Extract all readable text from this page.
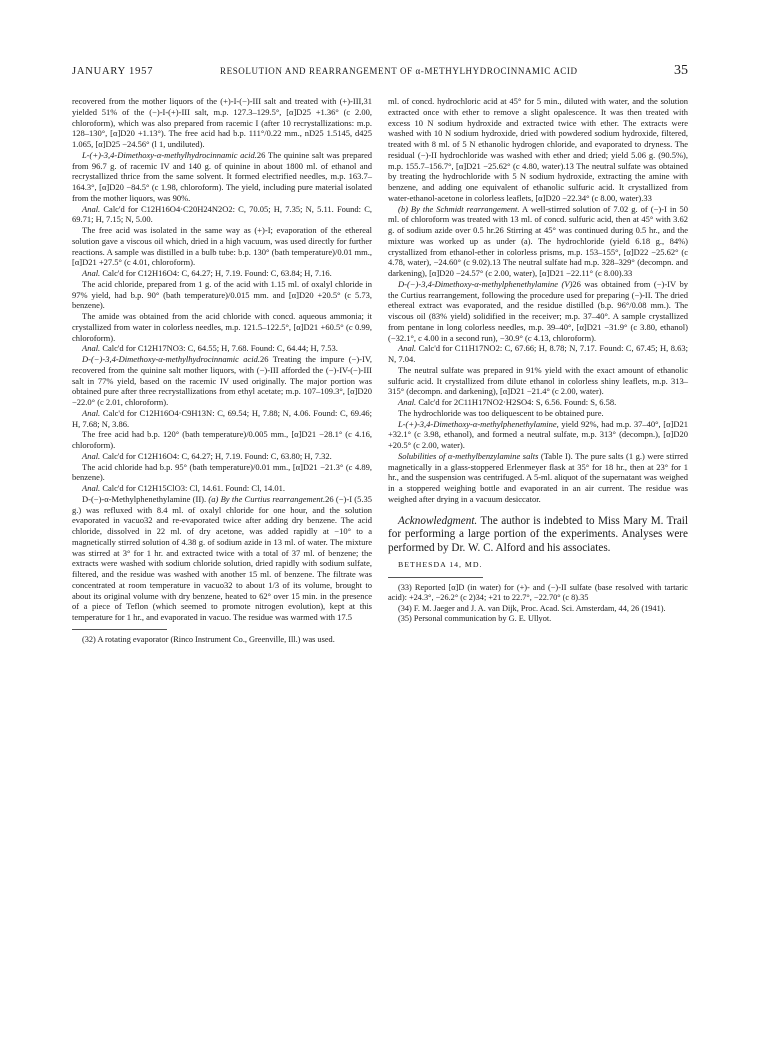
JANUARY 1957	RESOLUTION AND REARRANGEMENT OF α-METHYLHYDROCINNAMIC ACID	35

recovered from the mother liquors of the (+)-I-(−)-III salt and treated with (+)-III,31 yielded 51% of the (−)-I-(+)-III salt, m.p. 127.3–129.5°, [α]D25 +1.36° (c 2.00, chloroform), which was also prepared from racemic I (after 10 recrystallizations: m.p. 128–130°, [α]D20 +1.13°). The free acid had b.p. 111°/0.22 mm., nD25 1.5145, d425 1.065, [α]D25 −24.56° (l 1, undiluted).

L-(+)-3,4-Dimethoxy-α-methylhydrocinnamic acid.26 The quinine salt was prepared from 96.7 g. of racemic IV and 140 g. of quinine in about 1800 ml. of ethanol and recrystallized thrice from the same solvent. It formed electrified needles, m.p. 163.7–164.3°, [α]D20 −84.5° (c 1.98, chloroform). The yield, including pure material isolated from the mother liquors, was 90%.

Anal. Calc'd for C12H16O4·C20H24N2O2: C, 70.05; H, 7.35; N, 5.11. Found: C, 69.71; H, 7.15; N, 5.00.

The free acid was isolated in the same way as (+)-I; evaporation of the ethereal solution gave a viscous oil which, dried in a high vacuum, was used directly for further reactions. A sample was distilled in a bulb tube: b.p. 130° (bath temperature)/0.01 mm., [α]D21 +27.5° (c 4.01, chloroform).

Anal. Calc'd for C12H16O4: C, 64.27; H, 7.19. Found: C, 63.84; H, 7.16.

The acid chloride, prepared from 1 g. of the acid with 1.15 ml. of oxalyl chloride in 97% yield, had b.p. 90° (bath temperature)/0.015 mm. and [α]D20 +20.5° (c 5.73, benzene).

The amide was obtained from the acid chloride with concd. aqueous ammonia; it crystallized from water in colorless needles, m.p. 121.5–122.5°, [α]D21 +60.5° (c 0.99, chloroform).

Anal. Calc'd for C12H17NO3: C, 64.55; H, 7.68. Found: C, 64.44; H, 7.53.

D-(−)-3,4-Dimethoxy-α-methylhydrocinnamic acid.26 Treating the impure (−)-IV, recovered from the quinine salt mother liquors, with (−)-III afforded the (−)-IV-(−)-III salt in 77% yield, based on the racemic IV used originally. The major portion was obtained pure after three recrystallizations from ethyl acetate; m.p. 107–109.3°, [α]D20 −22.0° (c 2.01, chloroform).

Anal. Calc'd for C12H16O4·C9H13N: C, 69.54; H, 7.88; N, 4.06. Found: C, 69.46; H, 7.68; N, 3.86.

The free acid had b.p. 120° (bath temperature)/0.005 mm., [α]D21 −28.1° (c 4.16, chloroform).

Anal. Calc'd for C12H16O4: C, 64.27; H, 7.19. Found: C, 63.80; H, 7.32.

The acid chloride had b.p. 95° (bath temperature)/0.01 mm., [α]D21 −21.3° (c 4.89, benzene).

Anal. Calc'd for C12H15ClO3: Cl, 14.61. Found: Cl, 14.01.

D-(−)-α-Methylphenethylamine (II). (a) By the Curtius rearrangement.26 (−)-I (5.35 g.) was refluxed with 8.4 ml. of oxalyl chloride for one hour, and the solution evaporated in vacuo32 and re-evaporated twice after adding dry benzene. The acid chloride, dissolved in 22 ml. of dry acetone, was added rapidly at −10° to a magnetically stirred solution of 4.38 g. of sodium azide in 13 ml. of water. The mixture was stirred at 3° for 1 hr. and extracted twice with a total of 37 ml. of benzene; the extracts were washed with sodium chloride solution, dried rapidly with sodium sulfate, filtered, and the residue was washed with another 15 ml. of benzene. The filtrate was concentrated at room temperature in vacuo32 to about 1/3 of its volume, brought to about its original volume with dry benzene, heated to 62° over 15 min. in the presence of a piece of Teflon (which seemed to promote nitrogen evolution), kept at this temperature for 1 hr., and evaporated in vacuo. The residue was warmed with 17.5

(32) A rotating evaporator (Rinco Instrument Co., Greenville, Ill.) was used.

ml. of concd. hydrochloric acid at 45° for 5 min., diluted with water, and the solution extracted once with ether to remove a slight opalescence. It was then treated with excess 10 N sodium hydroxide and extracted twice with ether. The extracts were washed with 10 N sodium hydroxide, dried with powdered sodium hydroxide, filtered, treated with 8 ml. of 5 N ethanolic hydrogen chloride, and evaporated to dryness. The residual (−)-II hydrochloride was washed with ether and dried; yield 5.06 g. (90.5%), m.p. 155.7–156.7°, [α]D21 −25.62° (c 4.80, water).13 The neutral sulfate was obtained by treating the hydrochloride with 5 N sodium hydroxide, extracting the amine with benzene, and adding one equivalent of ethanolic sulfuric acid. It crystallized from water-ethanol-acetone in colorless leaflets, [α]D20 −22.34° (c 8.00, water).33

(b) By the Schmidt rearrangement. A well-stirred solution of 7.02 g. of (−)-I in 50 ml. of chloroform was treated with 13 ml. of concd. sulfuric acid, then at 45° with 3.62 g. of sodium azide over 0.5 hr.26 Stirring at 45° was continued during 0.5 hr., and the mixture was worked up as under (a). The hydrochloride (yield 6.18 g., 84%) crystallized from ethanol-ether in colorless prisms, m.p. 153–155°, [α]D22 −25.62° (c 4.78, water), −24.60° (c 9.02).13 The neutral sulfate had m.p. 328–329° (decompn. and darkening), [α]D20 −24.57° (c 2.00, water), [α]D21 −22.11° (c 8.00).33

D-(−)-3,4-Dimethoxy-α-methylphenethylamine (V)26 was obtained from (−)-IV by the Curtius rearrangement, following the procedure used for preparing (−)-II. The dried ethereal extract was evaporated, and the residue distilled (b.p. 96°/0.08 mm.). The viscous oil (83% yield) solidified in the receiver; m.p. 37–40°. A sample crystallized from pentane in long colorless needles, m.p. 39–40°, [α]D21 −31.9° (c 3.80, ethanol) (−32.1°, c 4.00 in a second run), −30.9° (c 4.13, chloroform).

Anal. Calc'd for C11H17NO2: C, 67.66; H, 8.78; N, 7.17. Found: C, 67.45; H, 8.63; N, 7.04.

The neutral sulfate was prepared in 91% yield with the exact amount of ethanolic sulfuric acid. It crystallized from dilute ethanol in colorless shiny leaflets, m.p. 313–315° (decompn. and darkening), [α]D21 −21.4° (c 2.00, water).

Anal. Calc'd for 2C11H17NO2·H2SO4: S, 6.56. Found: S, 6.58.

The hydrochloride was too deliquescent to be obtained pure.

L-(+)-3,4-Dimethoxy-α-methylphenethylamine, yield 92%, had m.p. 37–40°, [α]D21 +32.1° (c 3.98, ethanol), and formed a neutral sulfate, m.p. 313° (decompn.), [α]D20 +20.5° (c 2.00, water).

Solubilities of α-methylbenzylamine salts (Table I). The pure salts (1 g.) were stirred magnetically in a glass-stoppered Erlenmeyer flask at 35° for 18 hr., then at 23° for 1 hr., and the suspension was centrifuged. A 5-ml. aliquot of the supernatant was weighed in a stoppered weighing bottle and evaporated in an air current. The residue was weighed after drying in a vacuum desiccator.

Acknowledgment. The author is indebted to Miss Mary M. Trail for performing a large portion of the experiments. Analyses were performed by Dr. W. C. Alford and his associates.

BETHESDA 14, MD.

(33) Reported [α]D (in water) for (+)- and (−)-II sulfate (base resolved with tartaric acid): +24.3°, −26.2° (c 2)34; +21 to 22.7°, −22.70° (c 8).35

(34) F. M. Jaeger and J. A. van Dijk, Proc. Acad. Sci. Amsterdam, 44, 26 (1941).

(35) Personal communication by G. E. Ullyot.
